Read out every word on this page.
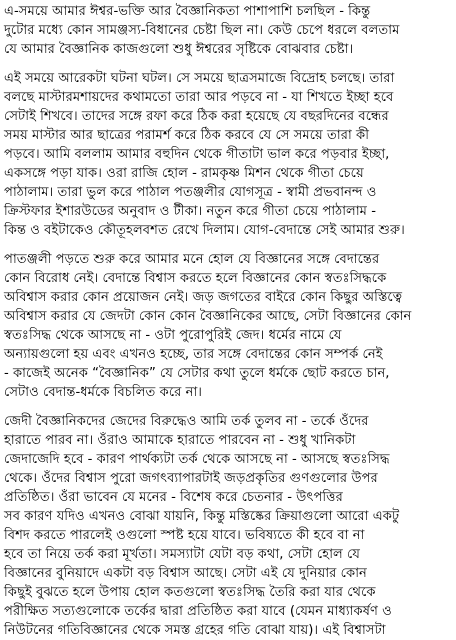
এ-সময়ে আমার ঈশ্বর-ভক্তি আর বৈজ্ঞানিকতা পাশাপাশি চলছিল - কিন্তু
দুটোর মধ্যে কোন সামঞ্জস্য-বিধানের চেষ্টা ছিল না। কেউ চেপে ধরলে বলতাম
যে আমার বৈজ্ঞানিক কাজগুলো শুধু ঈশ্বরের সৃষ্টিকে বোঝবার চেষ্টা।
এই সময়ে আরেকটা ঘটনা ঘটল। সে সময়ে ছাত্রসমাজে বিদ্রোহ চলছে। তারা
বলছে মাস্টারমশায়দের কথামতো তারা আর পড়বে না - যা শিখতে ইচ্ছা হবে
সেটাই শিখবে। তাদের সঙ্গে রফা করে ঠিক করা হয়েছে যে বছরদিনের বন্ধের
সময় মাস্টার আর ছাত্রের পরামর্শ করে ঠিক করবে যে সে সময়ে তারা কী
পড়বে। আমি বললাম আমার বহুদিন থেকে গীতাটা ভাল করে পড়বার ইচ্ছা,
একসঙ্গে পড়া যাক। ওরা রাজি হোল - রামকৃষ্ণ মিশন থেকে গীতা চেয়ে
পাঠালাম। তারা ভুল করে পাঠাল পতঞ্জলীর যোগসূত্র - স্বামী প্রভবানন্দ ও
ক্রিস্টফার ইশারউডের অনুবাদ ও টীকা। নতুন করে গীতা চেয়ে পাঠালাম -
কিন্ত ও বইটাকেও কৌতূহলবশত রেখে দিলাম। যোগ-বেদান্তে সেই আমার শুরু।
পাতঞ্জলী পড়তে শুরু করে আমার মনে হোল যে বিজ্ঞানের সঙ্গে বেদান্তের
কোন বিরোধ নেই। বেদান্তে বিশ্বাস করতে হলে বিজ্ঞানের কোন স্বতঃসিদ্ধকে
অবিশ্বাস করার কোন প্রয়োজন নেই। জড় জগতের বাইরে কোন কিছুর অস্তিত্বে
অবিশ্বাস করার যে জেদটা কোন কোন বৈজ্ঞানিকের আছে, সেটা বিজ্ঞানের কোন
স্বতঃসিদ্ধ থেকে আসছে না - ওটা পুরোপুরিই জেদ। ধর্মের নামে যে
অন্যায়গুলো হয় এবং এখনও হচ্ছে, তার সঙ্গে বেদান্তের কোন সম্পর্ক নেই
- কাজেই অনেক “বৈজ্ঞানিক” যে সেটার কথা তুলে ধর্মকে ছোট করতে চান,
সেটাও বেদান্ত-ধর্মকে বিচলিত করে না।
জেদী বৈজ্ঞানিকদের জেদের বিরুদ্ধেও আমি তর্ক তুলব না - তর্কে ওঁদের
হারাতে পারব না। ওঁরাও আমাকে হারাতে পারবেন না - শুধু খানিকটা
জেদাজেদি হবে - কারণ পার্থক্যটা তর্ক থেকে আসছে না - আসছে স্বতঃসিদ্ধ
থেকে। ওঁদের বিশ্বাস পুরো জগৎব্যাপারটাই জড়প্রকৃতির গুণগুলোর উপর
প্রতিষ্ঠিত। ওঁরা ভাবেন যে মনের - বিশেষ করে চেতনার - উৎপত্তির
সব কারণ যদিও এখনও বোঝা যায়নি, কিন্তু মস্তিষ্কের ক্রিয়াগুলো আরো একটু
বিশদ করতে পারলেই ওগুলো স্পষ্ট হয়ে যাবে। ভবিষ্যতে কী হবে বা না
হবে তা নিয়ে তর্ক করা মূর্খতা। সমস্যাটা যেটা বড় কথা, সেটা হোল যে
বিজ্ঞানের বুনিয়াদে একটা বড় বিশ্বাস আছে। সেটা এই যে দুনিয়ার কোন
কিছুই বুঝতে হলে উপায় হোল কতগুলো স্বতঃসিদ্ধ তৈরি করা যার থেকে
পরীক্ষিত সত্যগুলোকে তর্কের দ্বারা প্রতিষ্ঠিত করা যাবে (যেমন মাধ্যাকর্ষণ ও
নিউটনের গতিবিজ্ঞানের থেকে সমস্ত গ্রহের গতি বোঝা যায়)। এই বিশ্বাসটা
